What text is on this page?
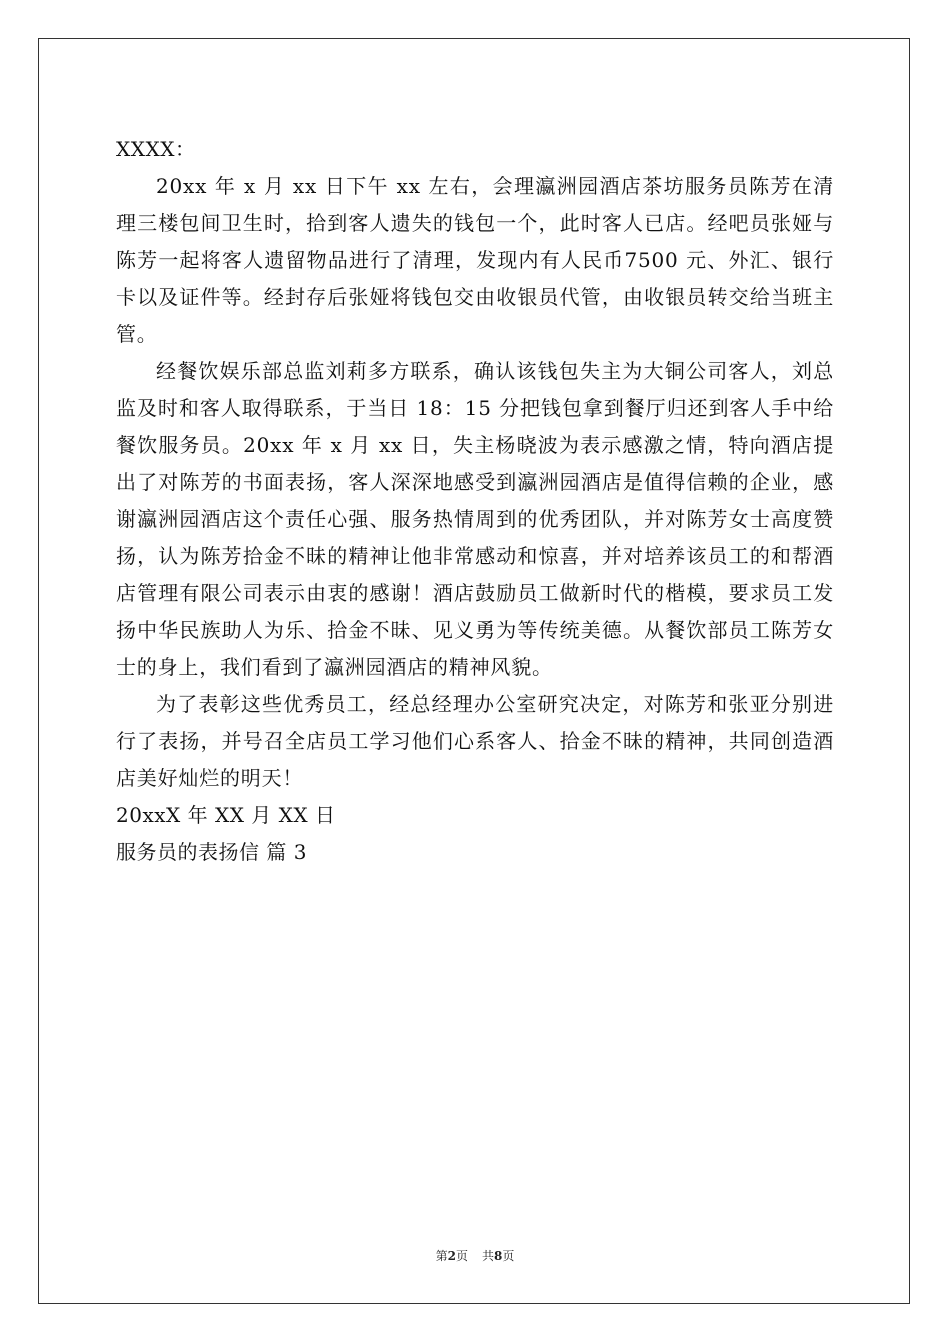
XXXX：

20xx 年 x 月 xx 日下午 xx 左右，会理瀛洲园酒店茶坊服务员陈芳在清理三楼包间卫生时，拾到客人遗失的钱包一个，此时客人已店。经吧员张娅与陈芳一起将客人遗留物品进行了清理，发现内有人民币7500 元、外汇、银行卡以及证件等。经封存后张娅将钱包交由收银员代管，由收银员转交给当班主管。

经餐饮娱乐部总监刘莉多方联系，确认该钱包失主为大铜公司客人，刘总监及时和客人取得联系，于当日 18：15 分把钱包拿到餐厅归还到客人手中给餐饮服务员。20xx 年 x 月 xx 日，失主杨晓波为表示感激之情，特向酒店提出了对陈芳的书面表扬，客人深深地感受到瀛洲园酒店是值得信赖的企业，感谢瀛洲园酒店这个责任心强、服务热情周到的优秀团队，并对陈芳女士高度赞扬，认为陈芳拾金不昧的精神让他非常感动和惊喜，并对培养该员工的和帮酒店管理有限公司表示由衷的感谢！酒店鼓励员工做新时代的楷模，要求员工发扬中华民族助人为乐、拾金不昧、见义勇为等传统美德。从餐饮部员工陈芳女士的身上，我们看到了瀛洲园酒店的精神风貌。

为了表彰这些优秀员工，经总经理办公室研究决定，对陈芳和张亚分别进行了表扬，并号召全店员工学习他们心系客人、拾金不昧的精神，共同创造酒店美好灿烂的明天！

20xxX 年 XX 月 XX 日

服务员的表扬信 篇 3

第2页 共8页
